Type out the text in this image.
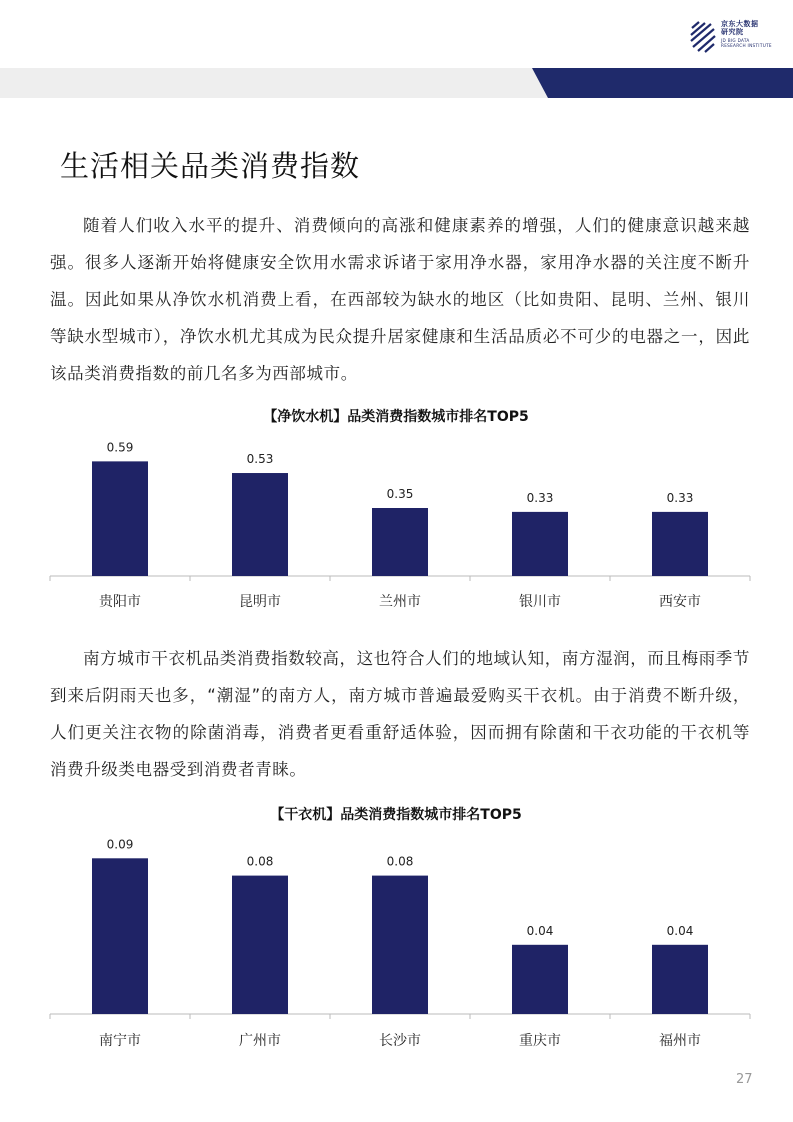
京东大数据
研究院
JD BIG DATA
RESEARCH INSTITUTE
生活相关品类消费指数

随着人们收入水平的提升、消费倾向的高涨和健康素养的增强，人们的健康意识越来越强。很多人逐渐开始将健康安全饮用水需求诉诸于家用净水器，家用净水器的关注度不断升温。因此如果从净饮水机消费上看，在西部较为缺水的地区（比如贵阳、昆明、兰州、银川等缺水型城市），净饮水机尤其成为民众提升居家健康和生活品质必不可少的电器之一，因此该品类消费指数的前几名多为西部城市。

【净饮水机】品类消费指数城市排名TOP5
0.59
贵阳市
0.53
昆明市
0.35
兰州市
0.33
银川市
0.33
西安市

南方城市干衣机品类消费指数较高，这也符合人们的地域认知，南方湿润，而且梅雨季节到来后阴雨天也多，“潮湿”的南方人，南方城市普遍最爱购买干衣机。由于消费不断升级，人们更关注衣物的除菌消毒，消费者更看重舒适体验，因而拥有除菌和干衣功能的干衣机等消费升级类电器受到消费者青睐。

【干衣机】品类消费指数城市排名TOP5
0.09
南宁市
0.08
广州市
0.08
长沙市
0.04
重庆市
0.04
福州市
27
